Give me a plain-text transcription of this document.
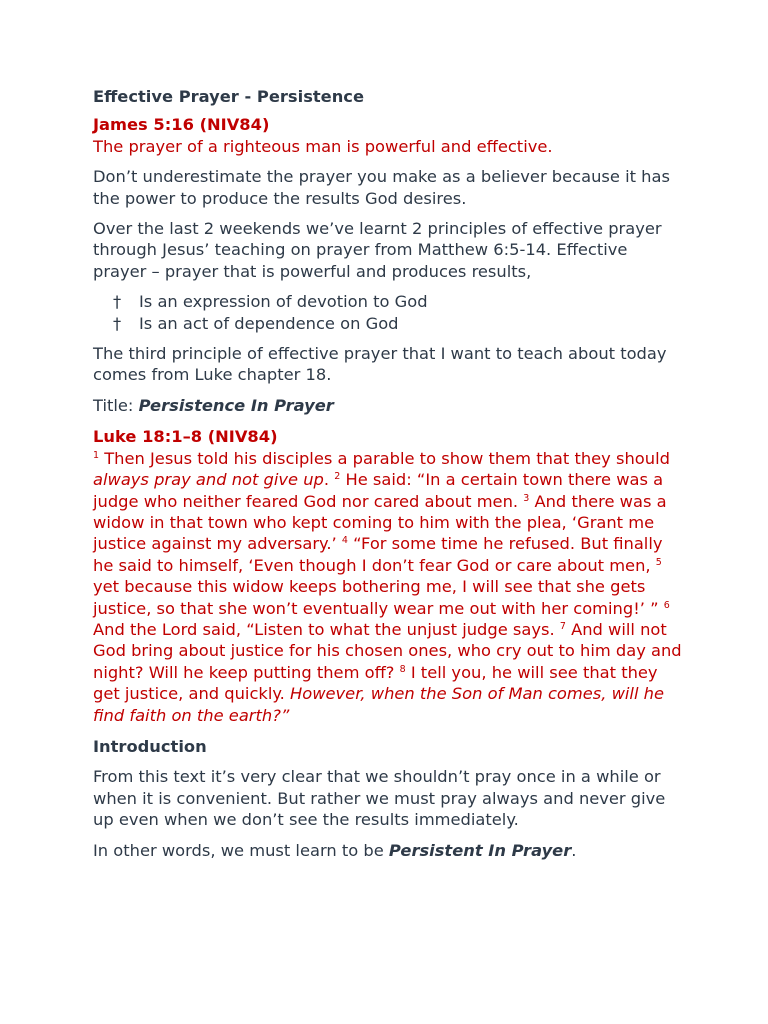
Effective Prayer - Persistence

James 5:16 (NIV84)

The prayer of a righteous man is powerful and effective.

Don’t underestimate the prayer you make as a believer because it has the power to produce the results God desires.

Over the last 2 weekends we’ve learnt 2 principles of effective prayer through Jesus’ teaching on prayer from Matthew 6:5-14. Effective prayer – prayer that is powerful and produces results,

† Is an expression of devotion to God
† Is an act of dependence on God

The third principle of effective prayer that I want to teach about today comes from Luke chapter 18.

Title: Persistence In Prayer

Luke 18:1–8 (NIV84)

$^1$ Then Jesus told his disciples a parable to show them that they should always pray and not give up. $^2$ He said: “In a certain town there was a judge who neither feared God nor cared about men. $^3$ And there was a widow in that town who kept coming to him with the plea, ‘Grant me justice against my adversary.’ $^4$ “For some time he refused. But finally he said to himself, ‘Even though I don’t fear God or care about men, $^5$ yet because this widow keeps bothering me, I will see that she gets justice, so that she won’t eventually wear me out with her coming!’ ” $^6$ And the Lord said, “Listen to what the unjust judge says. $^7$ And will not God bring about justice for his chosen ones, who cry out to him day and night? Will he keep putting them off? $^8$ I tell you, he will see that they get justice, and quickly. However, when the Son of Man comes, will he find faith on the earth?”

Introduction

From this text it’s very clear that we shouldn’t pray once in a while or when it is convenient. But rather we must pray always and never give up even when we don’t see the results immediately.

In other words, we must learn to be Persistent In Prayer.
